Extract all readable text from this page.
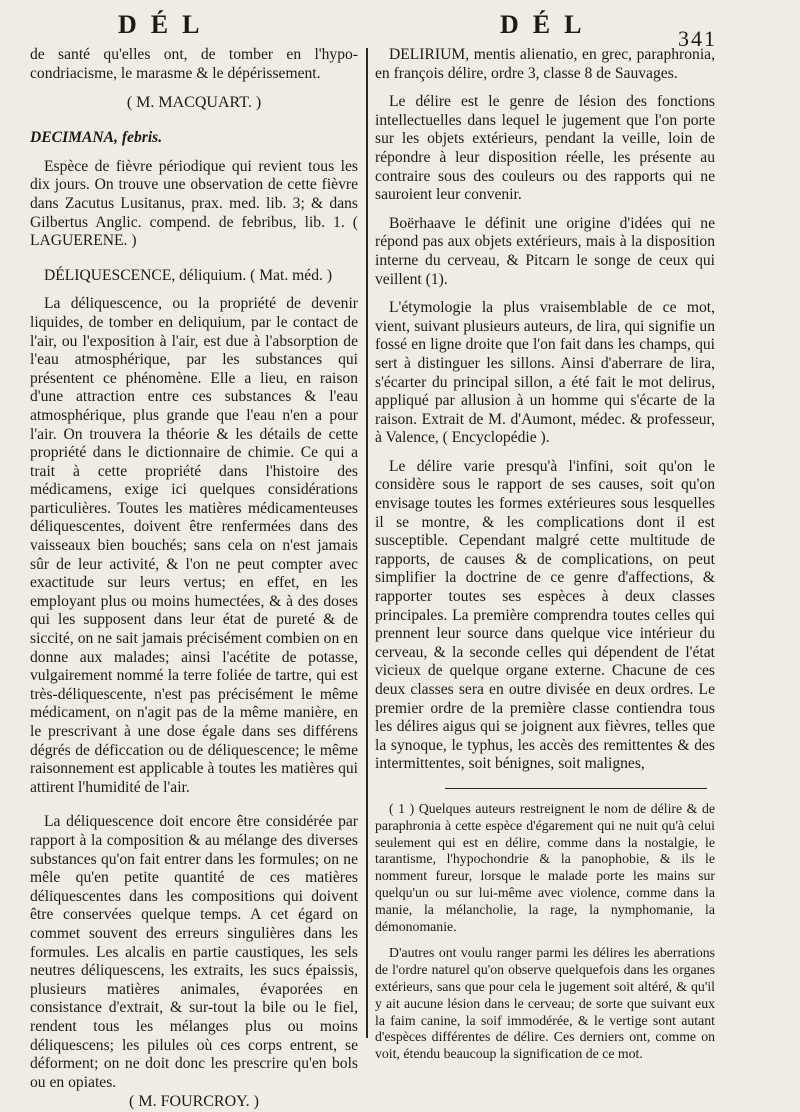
DÉL	DÉL	341

de santé qu'elles ont, de tomber en l'hypo-condriacisme, le marasme & le dépérissement.

( M. MACQUART. )

DECIMANA, febris.

Espèce de fièvre périodique qui revient tous les dix jours. On trouve une observation de cette fièvre dans Zacutus Lusitanus, prax. med. lib. 3; & dans Gilbertus Anglic. compend. de febribus, lib. 1. ( LAGUERENE. )

DÉLIQUESCENCE, déliquium. ( Mat. méd. )

La déliquescence, ou la propriété de devenir liquides, de tomber en deliquium, par le contact de l'air, ou l'exposition à l'air, est due à l'absorption de l'eau atmosphérique, par les substances qui présentent ce phénomène. Elle a lieu, en raison d'une attraction entre ces substances & l'eau atmosphérique, plus grande que l'eau n'en a pour l'air. On trouvera la théorie & les détails de cette propriété dans le dictionnaire de chimie. Ce qui a trait à cette propriété dans l'histoire des médicamens, exige ici quelques considérations particulières. Toutes les matières médicamenteuses déliquescentes, doivent être renfermées dans des vaisseaux bien bouchés; sans cela on n'est jamais sûr de leur activité, & l'on ne peut compter avec exactitude sur leurs vertus; en effet, en les employant plus ou moins humectées, & à des doses qui les supposent dans leur état de pureté & de siccité, on ne sait jamais précisément combien on en donne aux malades; ainsi l'acétite de potasse, vulgairement nommé la terre foliée de tartre, qui est très-déliquescente, n'est pas précisément le même médicament, on n'agit pas de la même manière, en le prescrivant à une dose égale dans ses différens dégrés de déficcation ou de déliquescence; le même raisonnement est applicable à toutes les matières qui attirent l'humidité de l'air.

La déliquescence doit encore être considérée par rapport à la composition & au mélange des diverses substances qu'on fait entrer dans les formules; on ne mêle qu'en petite quantité de ces matières déliquescentes dans les compositions qui doivent être conservées quelque temps. A cet égard on commet souvent des erreurs singulières dans les formules. Les alcalis en partie caustiques, les sels neutres déliquescens, les extraits, les sucs épaissis, plusieurs matières animales, évaporées en consistance d'extrait, & sur-tout la bile ou le fiel, rendent tous les mélanges plus ou moins déliquescens; les pilules où ces corps entrent, se déforment; on ne doit donc les prescrire qu'en bols ou en opiates.

( M. FOURCROY. )

DELIRIUM, mentis alienatio, en grec, paraphronia, en françois délire, ordre 3, classe 8 de Sauvages.

Le délire est le genre de lésion des fonctions intellectuelles dans lequel le jugement que l'on porte sur les objets extérieurs, pendant la veille, loin de répondre à leur disposition réelle, les présente au contraire sous des couleurs ou des rapports qui ne sauroient leur convenir.

Boërhaave le définit une origine d'idées qui ne répond pas aux objets extérieurs, mais à la disposition interne du cerveau, & Pitcarn le songe de ceux qui veillent (1).

L'étymologie la plus vraisemblable de ce mot, vient, suivant plusieurs auteurs, de lira, qui signifie un fossé en ligne droite que l'on fait dans les champs, qui sert à distinguer les sillons. Ainsi d'aberrare de lira, s'écarter du principal sillon, a été fait le mot delirus, appliqué par allusion à un homme qui s'écarte de la raison. Extrait de M. d'Aumont, médec. & professeur, à Valence, ( Encyclopédie ).

Le délire varie presqu'à l'infini, soit qu'on le considère sous le rapport de ses causes, soit qu'on envisage toutes les formes extérieures sous lesquelles il se montre, & les complications dont il est susceptible. Cependant malgré cette multitude de rapports, de causes & de complications, on peut simplifier la doctrine de ce genre d'affections, & rapporter toutes ses espèces à deux classes principales. La première comprendra toutes celles qui prennent leur source dans quelque vice intérieur du cerveau, & la seconde celles qui dépendent de l'état vicieux de quelque organe externe. Chacune de ces deux classes sera en outre divisée en deux ordres. Le premier ordre de la première classe contiendra tous les délires aigus qui se joignent aux fièvres, telles que la synoque, le typhus, les accès des remittentes & des intermittentes, soit bénignes, soit malignes,

( 1 ) Quelques auteurs restreignent le nom de délire & de paraphronia à cette espèce d'égarement qui ne nuit qu'à celui seulement qui est en délire, comme dans la nostalgie, le tarantisme, l'hypochondrie & la panophobie, & ils le nomment fureur, lorsque le malade porte les mains sur quelqu'un ou sur lui-même avec violence, comme dans la manie, la mélancholie, la rage, la nymphomanie, la démonomanie.

D'autres ont voulu ranger parmi les délires les aberrations de l'ordre naturel qu'on observe quelquefois dans les organes extérieurs, sans que pour cela le jugement soit altéré, & qu'il y ait aucune lésion dans le cerveau; de sorte que suivant eux la faim canine, la soif immodérée, & le vertige sont autant d'espèces différentes de délire. Ces derniers ont, comme on voit, étendu beaucoup la signification de ce mot.
